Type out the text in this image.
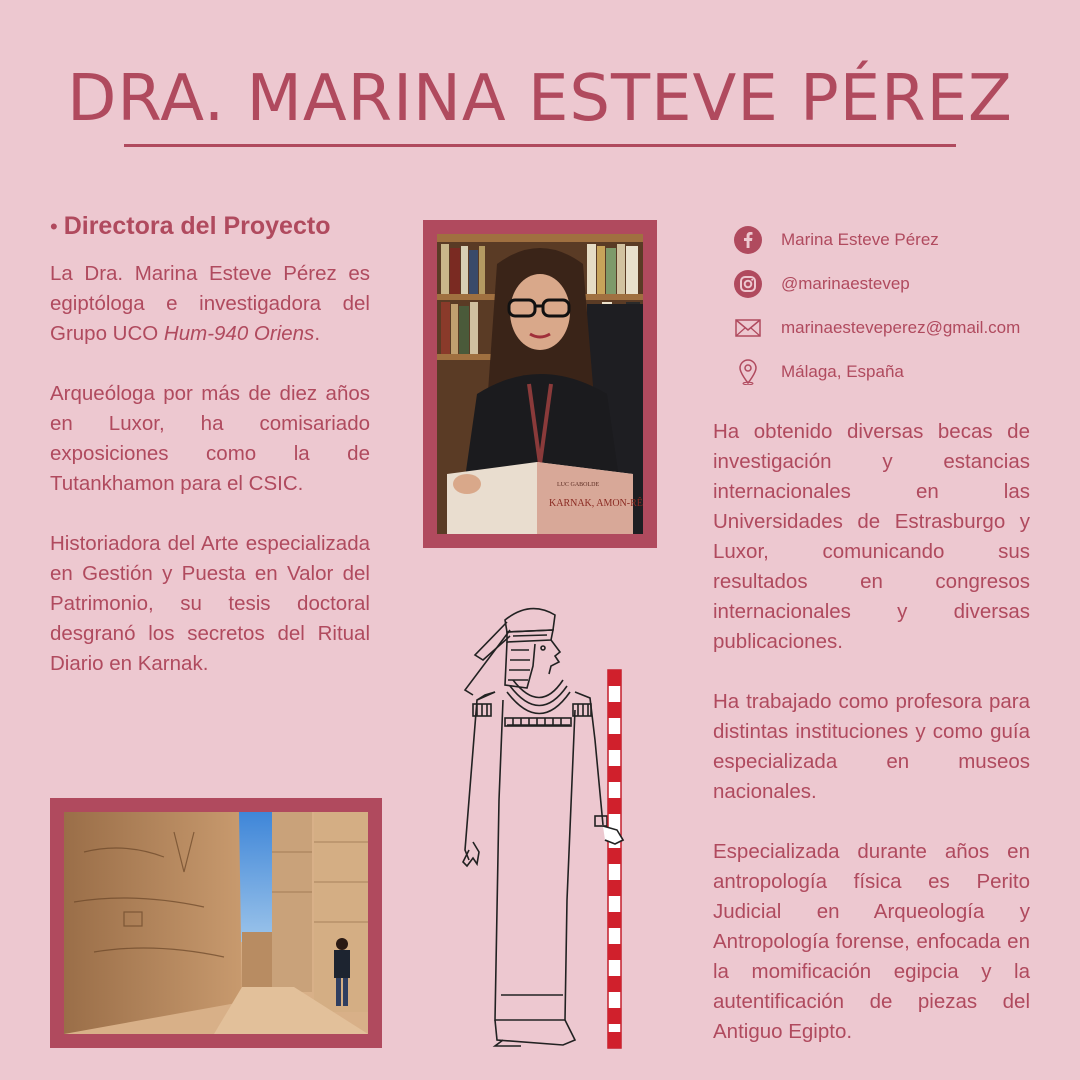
DRA. MARINA ESTEVE PÉREZ
• Directora del Proyecto

La Dra. Marina Esteve Pérez es egiptóloga e investigadora del Grupo UCO Hum-940 Oriens.

Arqueóloga por más de diez años en Luxor, ha comisariado exposiciones como la de Tutankhamon para el CSIC.

Historiadora del Arte especializada en Gestión y Puesta en Valor del Patrimonio, su tesis doctoral desgranó los secretos del Ritual Diario en Karnak.

LUC GABOLDE
KARNAK, AMON-RÊ
Marina Esteve Pérez
@marinaestevep
marinaesteveperez@gmail.com
Málaga, España

Ha obtenido diversas becas de investigación y estancias internacionales en las Universidades de Estrasburgo y Luxor, comunicando sus resultados en congresos internacionales y diversas publicaciones.

Ha trabajado como profesora para distintas instituciones y como guía especializada en museos nacionales.

Especializada durante años en antropología física es Perito Judicial en Arqueología y Antropología forense, enfocada en la momificación egipcia y la autentificación de piezas del Antiguo Egipto.
